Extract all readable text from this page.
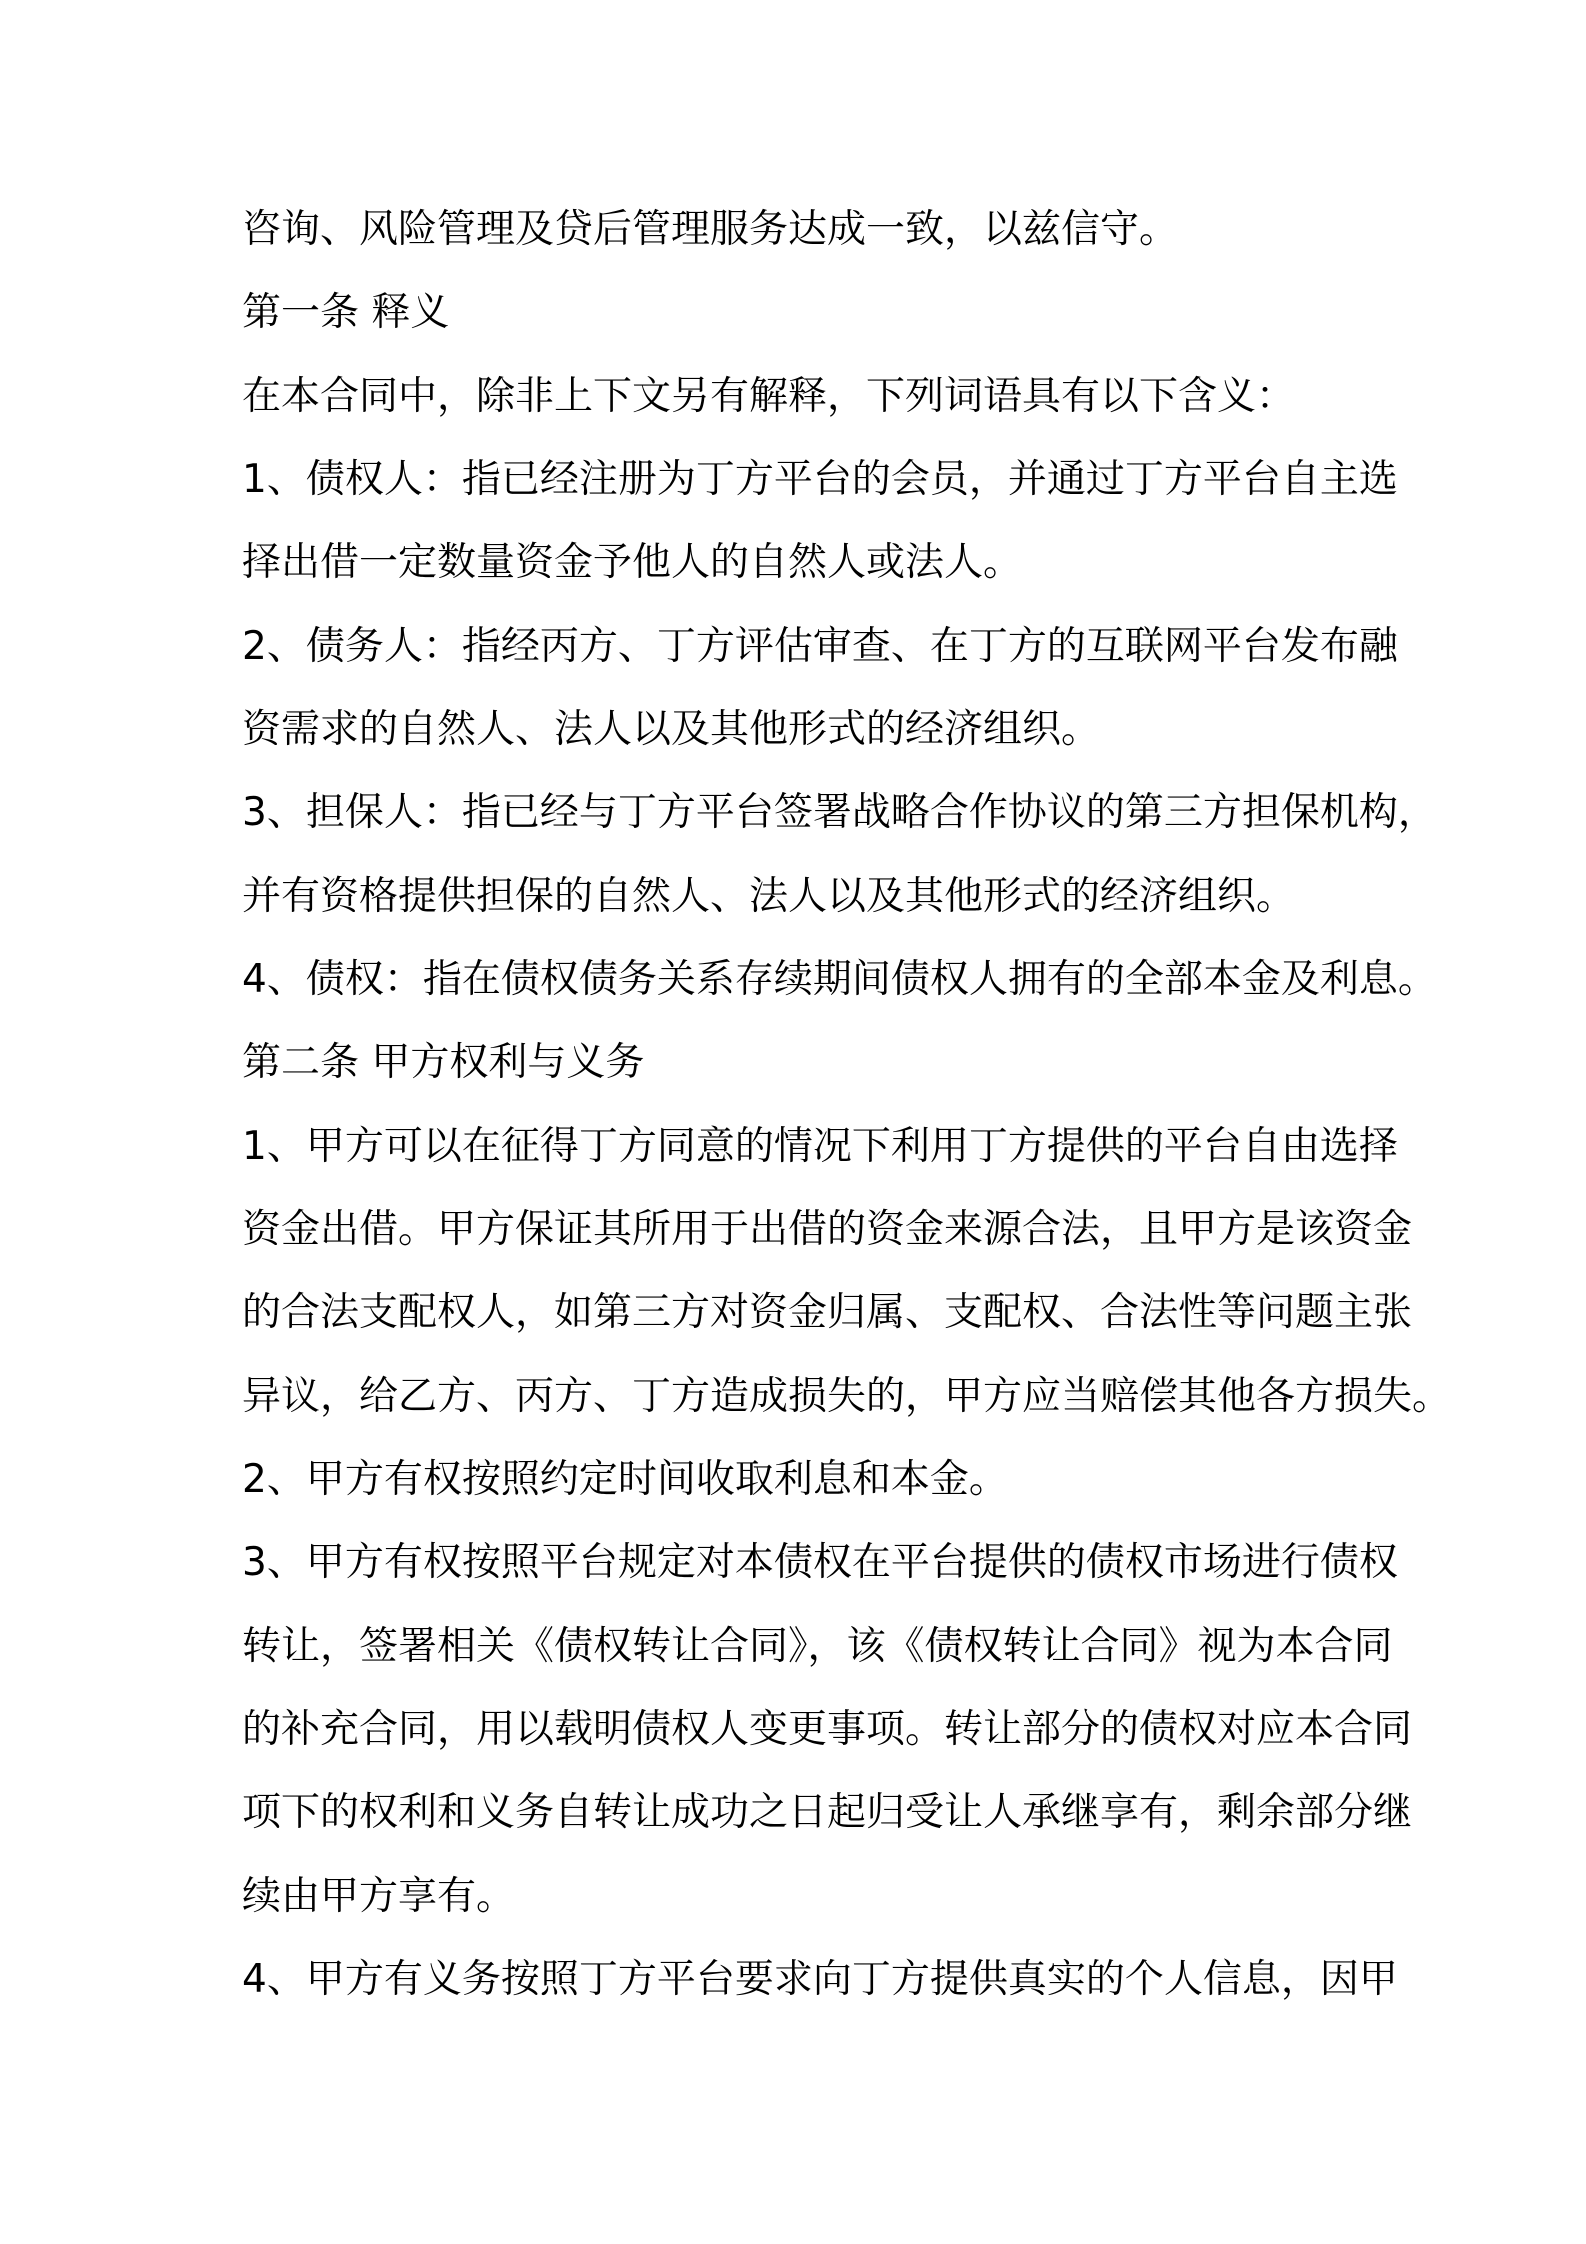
咨询、风险管理及贷后管理服务达成一致，以兹信守。
第一条 释义
在本合同中，除非上下文另有解释，下列词语具有以下含义：
1、债权人：指已经注册为丁方平台的会员，并通过丁方平台自主选
择出借一定数量资金予他人的自然人或法人。
2、债务人：指经丙方、丁方评估审查、在丁方的互联网平台发布融
资需求的自然人、法人以及其他形式的经济组织。
3、担保人：指已经与丁方平台签署战略合作协议的第三方担保机构，
并有资格提供担保的自然人、法人以及其他形式的经济组织。
4、债权：指在债权债务关系存续期间债权人拥有的全部本金及利息。
第二条 甲方权利与义务
1、甲方可以在征得丁方同意的情况下利用丁方提供的平台自由选择
资金出借。甲方保证其所用于出借的资金来源合法，且甲方是该资金
的合法支配权人，如第三方对资金归属、支配权、合法性等问题主张
异议，给乙方、丙方、丁方造成损失的，甲方应当赔偿其他各方损失。
2、甲方有权按照约定时间收取利息和本金。
3、甲方有权按照平台规定对本债权在平台提供的债权市场进行债权
转让，签署相关《债权转让合同》，该《债权转让合同》视为本合同
的补充合同，用以载明债权人变更事项。转让部分的债权对应本合同
项下的权利和义务自转让成功之日起归受让人承继享有，剩余部分继
续由甲方享有。
4、甲方有义务按照丁方平台要求向丁方提供真实的个人信息，因甲
